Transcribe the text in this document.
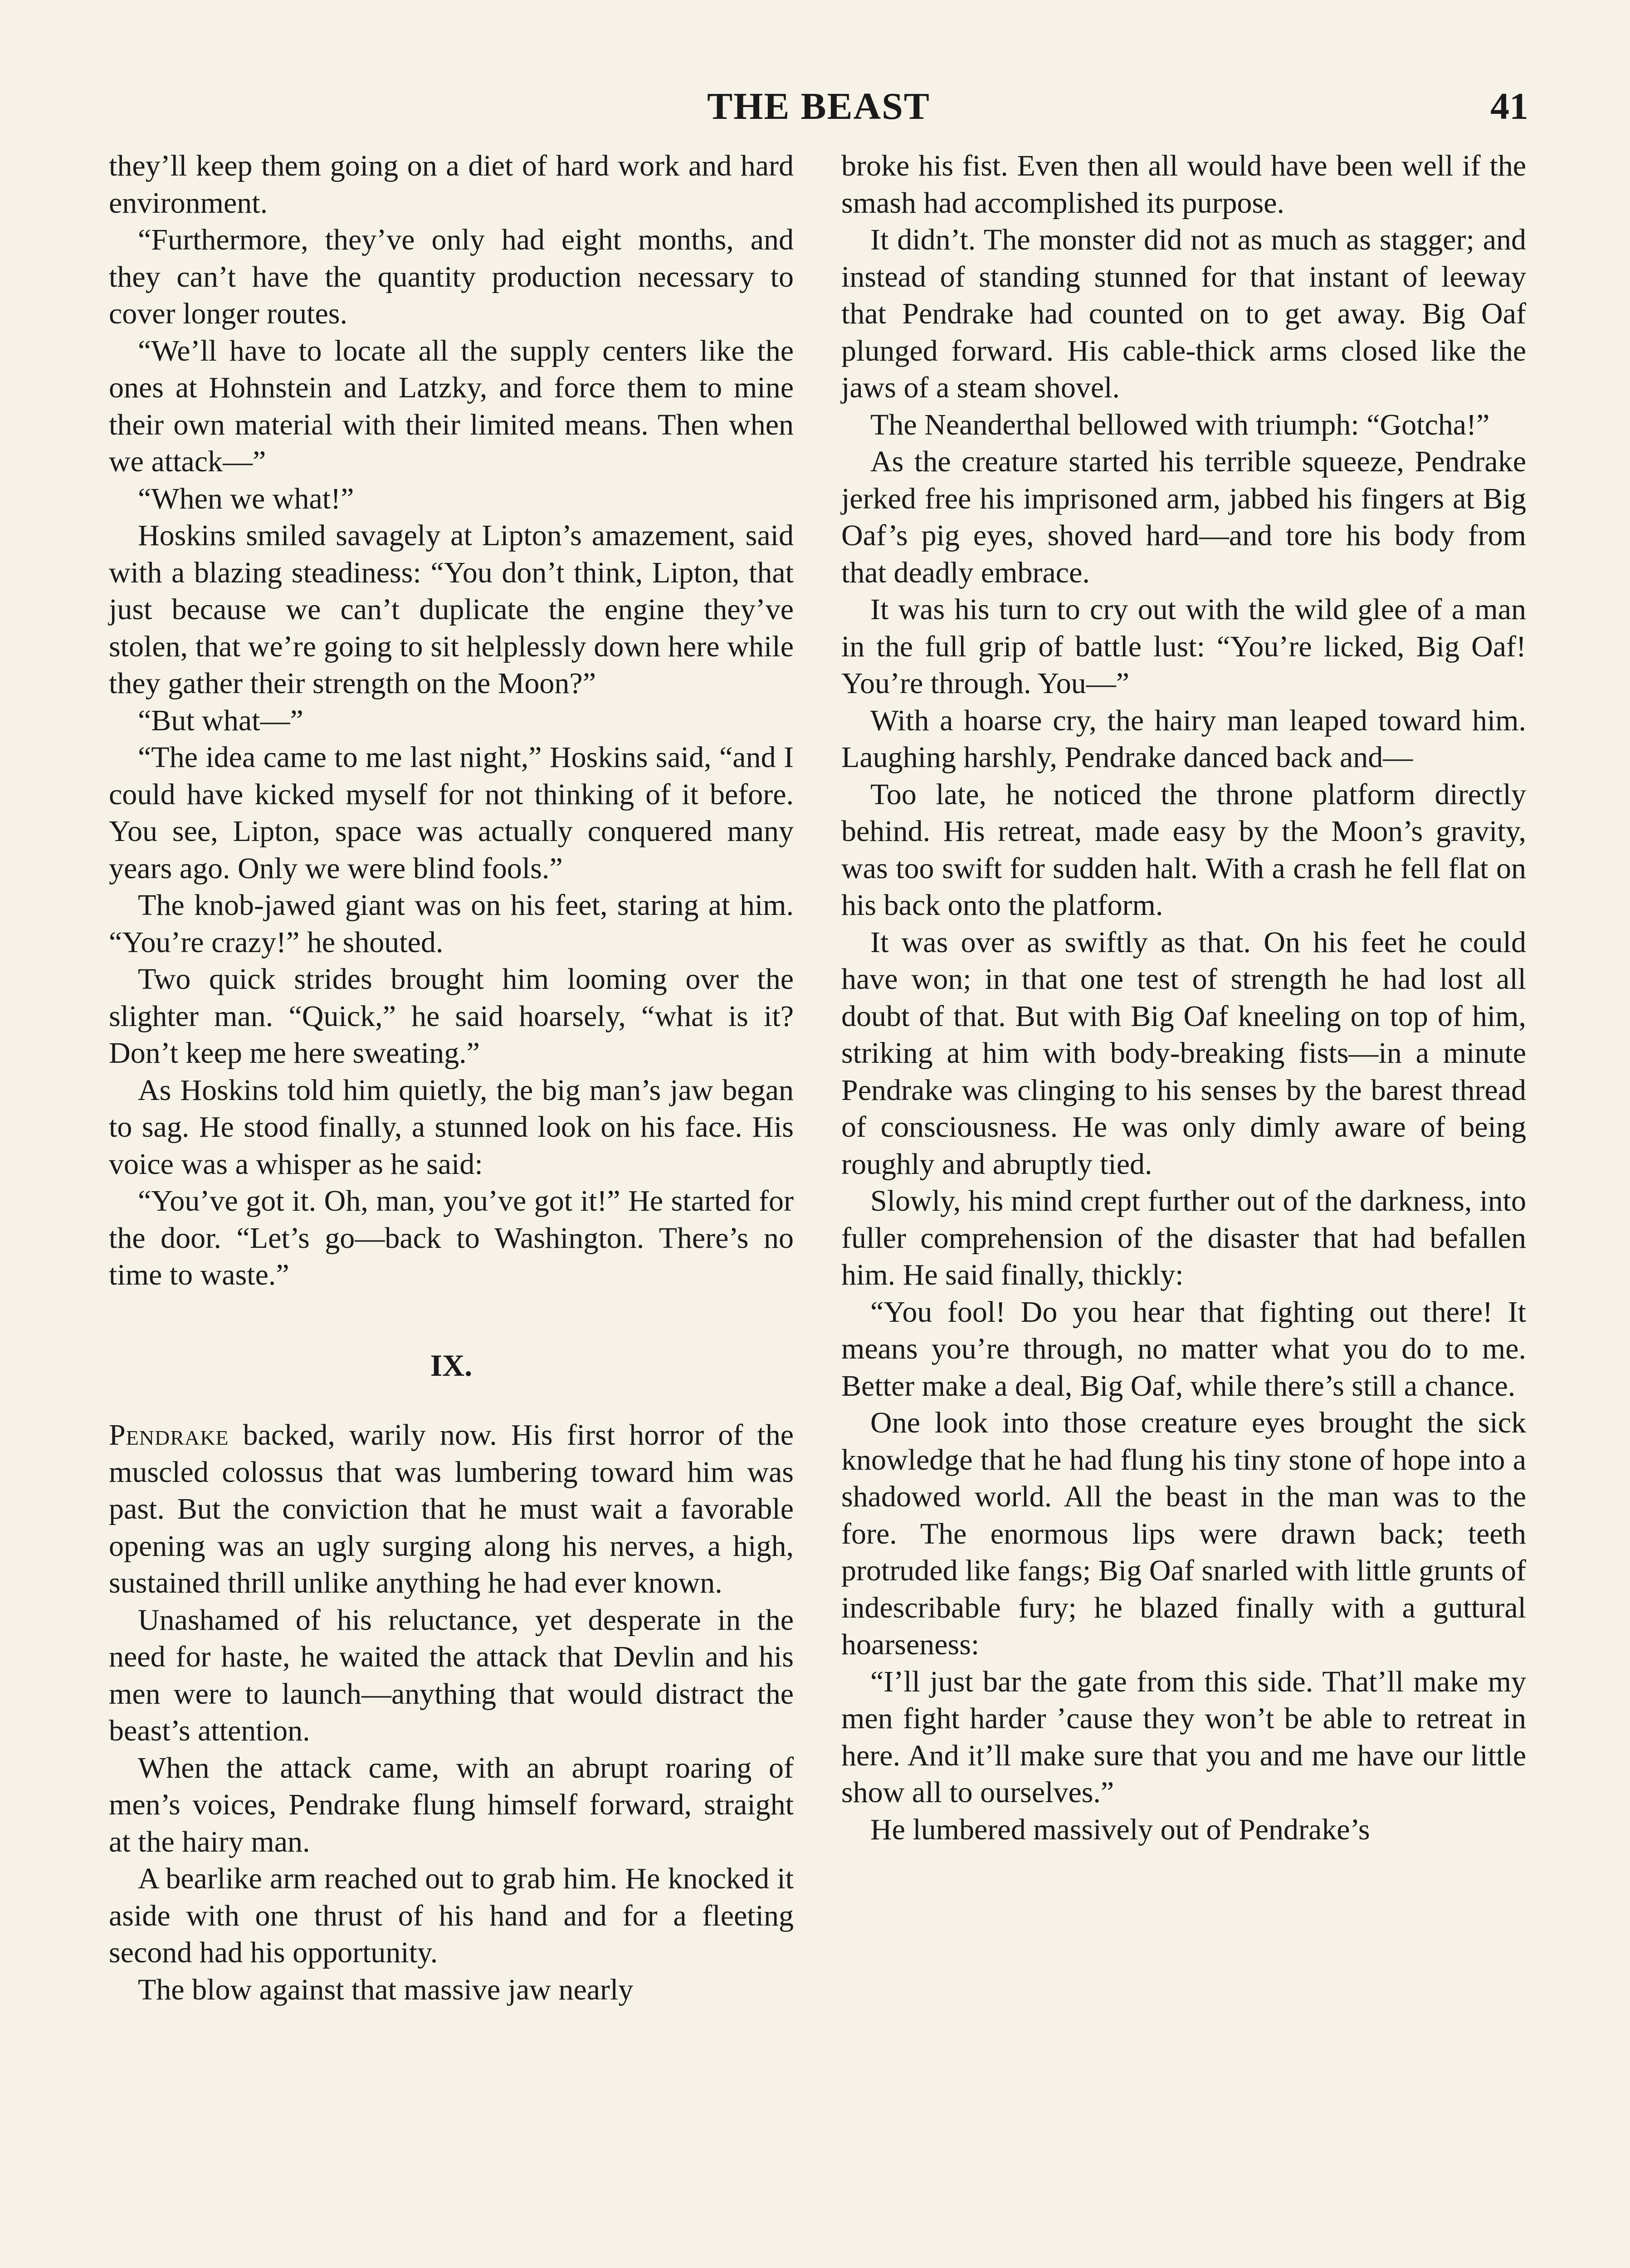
THE BEAST	41

they’ll keep them going on a diet of hard work and hard environment.

“Furthermore, they’ve only had eight months, and they can’t have the quantity production necessary to cover longer routes.

“We’ll have to locate all the supply centers like the ones at Hohnstein and Latzky, and force them to mine their own material with their limited means. Then when we attack—”

“When we what!”

Hoskins smiled savagely at Lipton’s amazement, said with a blazing steadiness: “You don’t think, Lipton, that just because we can’t duplicate the engine they’ve stolen, that we’re going to sit helplessly down here while they gather their strength on the Moon?”

“But what—”

“The idea came to me last night,” Hoskins said, “and I could have kicked myself for not thinking of it before. You see, Lipton, space was actually conquered many years ago. Only we were blind fools.”

The knob-jawed giant was on his feet, staring at him. “You’re crazy!” he shouted.

Two quick strides brought him looming over the slighter man. “Quick,” he said hoarsely, “what is it? Don’t keep me here sweating.”

As Hoskins told him quietly, the big man’s jaw began to sag. He stood finally, a stunned look on his face. His voice was a whisper as he said:

“You’ve got it. Oh, man, you’ve got it!” He started for the door. “Let’s go—back to Washington. There’s no time to waste.”

IX.

Pendrake backed, warily now. His first horror of the muscled colossus that was lumbering toward him was past. But the conviction that he must wait a favorable opening was an ugly surging along his nerves, a high, sustained thrill unlike anything he had ever known.

Unashamed of his reluctance, yet desperate in the need for haste, he waited the attack that Devlin and his men were to launch—anything that would distract the beast’s attention.

When the attack came, with an abrupt roaring of men’s voices, Pendrake flung himself forward, straight at the hairy man.

A bearlike arm reached out to grab him. He knocked it aside with one thrust of his hand and for a fleeting second had his opportunity.

The blow against that massive jaw nearly

broke his fist. Even then all would have been well if the smash had accomplished its purpose.

It didn’t. The monster did not as much as stagger; and instead of standing stunned for that instant of leeway that Pendrake had counted on to get away. Big Oaf plunged forward. His cable-thick arms closed like the jaws of a steam shovel.

The Neanderthal bellowed with triumph: “Gotcha!”

As the creature started his terrible squeeze, Pendrake jerked free his imprisoned arm, jabbed his fingers at Big Oaf’s pig eyes, shoved hard—and tore his body from that deadly embrace.

It was his turn to cry out with the wild glee of a man in the full grip of battle lust: “You’re licked, Big Oaf! You’re through. You—”

With a hoarse cry, the hairy man leaped toward him. Laughing harshly, Pendrake danced back and—

Too late, he noticed the throne platform directly behind. His retreat, made easy by the Moon’s gravity, was too swift for sudden halt. With a crash he fell flat on his back onto the platform.

It was over as swiftly as that. On his feet he could have won; in that one test of strength he had lost all doubt of that. But with Big Oaf kneeling on top of him, striking at him with body-breaking fists—in a minute Pendrake was clinging to his senses by the barest thread of consciousness. He was only dimly aware of being roughly and abruptly tied.

Slowly, his mind crept further out of the darkness, into fuller comprehension of the disaster that had befallen him. He said finally, thickly:

“You fool! Do you hear that fighting out there! It means you’re through, no matter what you do to me. Better make a deal, Big Oaf, while there’s still a chance.

One look into those creature eyes brought the sick knowledge that he had flung his tiny stone of hope into a shadowed world. All the beast in the man was to the fore. The enormous lips were drawn back; teeth protruded like fangs; Big Oaf snarled with little grunts of indescribable fury; he blazed finally with a guttural hoarseness:

“I’ll just bar the gate from this side. That’ll make my men fight harder ’cause they won’t be able to retreat in here. And it’ll make sure that you and me have our little show all to ourselves.”

He lumbered massively out of Pendrake’s
